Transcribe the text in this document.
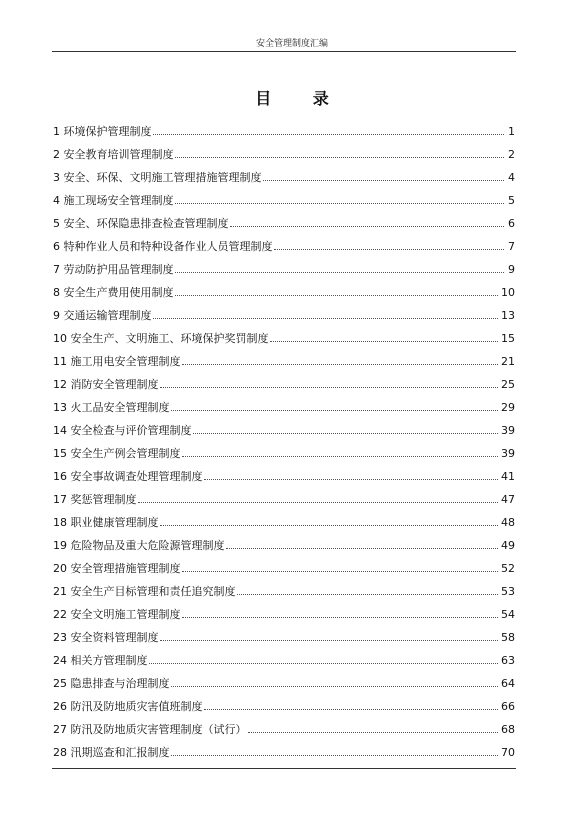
安全管理制度汇编
目 录
1 环境保护管理制度	1
2 安全教育培训管理制度	2
3 安全、环保、文明施工管理措施管理制度	4
4 施工现场安全管理制度	5
5 安全、环保隐患排查检查管理制度	6
6 特种作业人员和特种设备作业人员管理制度	7
7 劳动防护用品管理制度	9
8 安全生产费用使用制度	10
9 交通运输管理制度	13
10 安全生产、文明施工、环境保护奖罚制度	15
11 施工用电安全管理制度	21
12 消防安全管理制度	25
13 火工品安全管理制度	29
14 安全检查与评价管理制度	39
15 安全生产例会管理制度	39
16 安全事故调查处理管理制度	41
17 奖惩管理制度	47
18 职业健康管理制度	48
19 危险物品及重大危险源管理制度	49
20 安全管理措施管理制度	52
21 安全生产目标管理和责任追究制度	53
22 安全文明施工管理制度	54
23 安全资料管理制度	58
24 相关方管理制度	63
25 隐患排查与治理制度	64
26 防汛及防地质灾害值班制度	66
27 防汛及防地质灾害管理制度（试行）	68
28 汛期巡查和汇报制度	70
